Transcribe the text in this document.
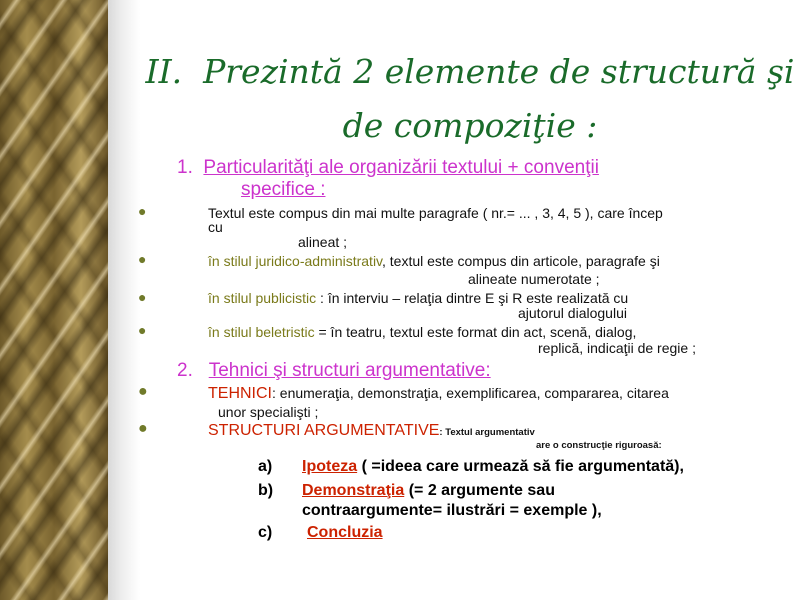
II. Prezintă 2 elemente de structură şi
de compoziţie :
1. Particularităţi ale organizării textului + convenţii
specifice :
●	Textul este compus din mai multe paragrafe ( nr.= ... , 3, 4, 5 ), care încep
cu
alineat ;
●	în stilul juridico-administrativ, textul este compus din articole, paragrafe şi
alineate numerotate ;
●	în stilul publicistic : în interviu – relaţia dintre E şi R este realizată cu
ajutorul dialogului
●	în stilul beletristic = în teatru, textul este format din act, scenă, dialog,
replică, indicaţii de regie ;
2. Tehnici şi structuri argumentative:
●	TEHNICI: enumeraţia, demonstraţia, exemplificarea, compararea, citarea
unor specialişti ;
●	STRUCTURI ARGUMENTATIVE: Textul argumentativ
are o construcţie riguroasă:
a) Ipoteza ( =ideea care urmează să fie argumentată),
b) Demonstraţia (= 2 argumente sau
contraargumente= ilustrări = exemple ),
c) Concluzia
